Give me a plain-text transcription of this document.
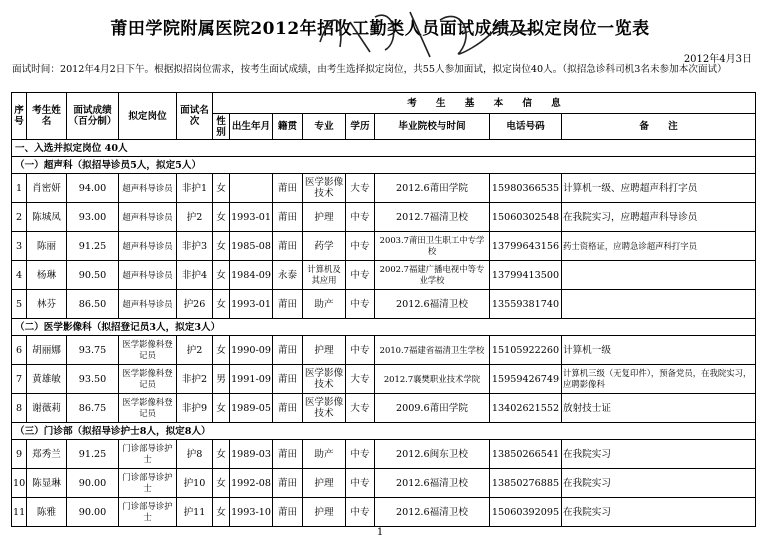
莆田学院附属医院2012年招收工勤类人员面试成绩及拟定岗位一览表
2012年4月3日
面试时间：2012年4月2日下午。根据拟招岗位需求，按考生面试成绩，由考生选择拟定岗位，共55人参加面试，拟定岗位40人。（拟招急诊科司机3名未参加本次面试）
序号	考生姓名	面试成绩（百分制）	拟定岗位	面试名次	考　　生　　基　　本　　信　　息							
					性别	出生年月	籍贯	专业	学历	毕业院校与时间	电话号码	备　　注
一、入选并拟定岗位 40人												
（一）超声科（拟招导诊员5人，拟定5人）												
1	肖密妍	94.00	超声科导诊员	非护1	女		莆田	医学影像技术	大专	2012.6莆田学院	15980366535	计算机一级、应聘超声科打字员
2	陈城凤	93.00	超声科导诊员	护2	女	1993-01	莆田	护理	中专	2012.7福清卫校	15060302548	在我院实习，应聘超声科导诊员
3	陈丽	91.25	超声科导诊员	非护3	女	1985-08	莆田	药学	中专	2003.7莆田卫生职工中专学校	13799643156	药士资格证，应聘急诊超声科打字员
4	杨琳	90.50	超声科导诊员	非护4	女	1984-09	永泰	计算机及其应用	中专	2002.7福建广播电视中等专业学校	13799413500	
5	林芬	86.50	超声科导诊员	护26	女	1993-01	莆田	助产	中专	2012.6福清卫校	13559381740	
（二）医学影像科（拟招登记员3人，拟定3人）												
6	胡丽娜	93.75	医学影像科登记员	护2	女	1990-09	莆田	护理	中专	2010.7福建省福清卫生学校	15105922260	计算机一级
7	黄雄敏	93.50	医学影像科登记员	非护2	男	1991-09	莆田	医学影像技术	大专	2012.7襄樊职业技术学院	15959426749	计算机三级（无复印件），预备党员，在我院实习，应聘影像科
8	谢薇莉	86.75	医学影像科登记员	非护9	女	1989-05	莆田	医学影像技术	大专	2009.6莆田学院	13402621552	放射技士证
（三）门诊部（拟招导诊护士8人，拟定8人）												
9	郑秀兰	91.25	门诊部导诊护士	护8	女	1989-03	莆田	助产	中专	2012.6闽东卫校	13850266541	在我院实习
10	陈显琳	90.00	门诊部导诊护士	护10	女	1992-08	莆田	护理	中专	2012.6福清卫校	13850276885	在我院实习
11	陈雅	90.00	门诊部导诊护士	护11	女	1993-10	莆田	护理	中专	2012.6福清卫校	15060392095	在我院实习
1
